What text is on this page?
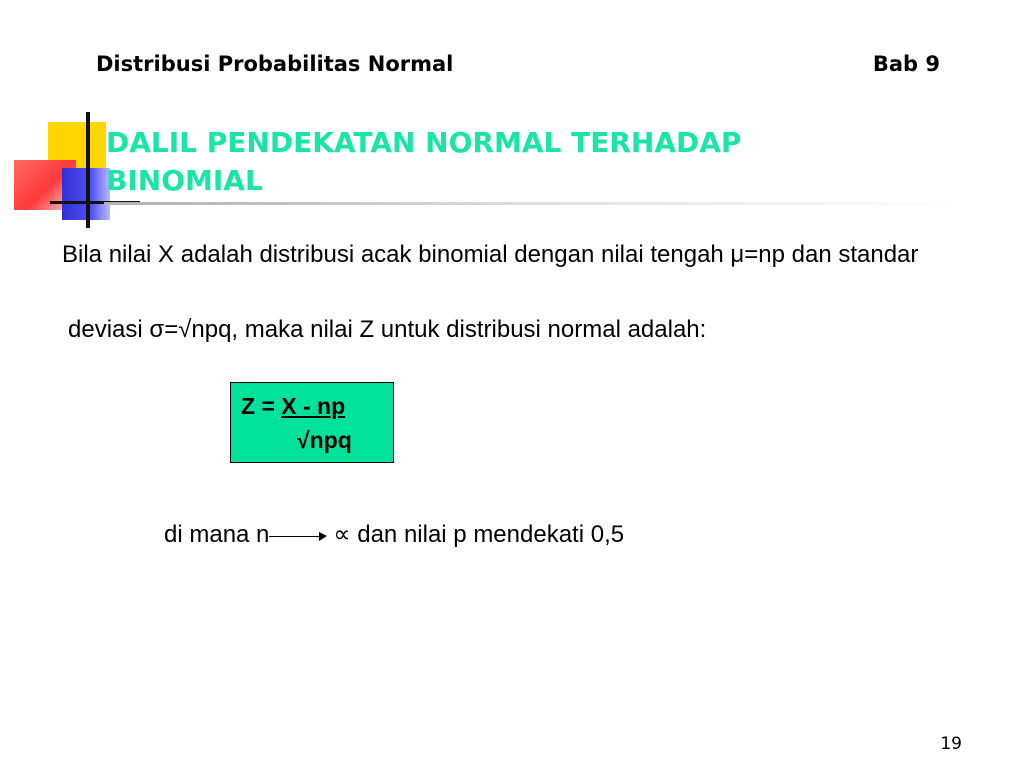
Distribusi Probabilitas Normal	Bab 9
DALIL PENDEKATAN NORMAL TERHADAP BINOMIAL
Bila nilai X adalah distribusi acak binomial dengan nilai tengah μ=np dan standar
deviasi σ=√npq, maka nilai Z untuk distribusi normal adalah:
Z = X - np
√npq
di mana n	∝ dan nilai p mendekati 0,5
19
